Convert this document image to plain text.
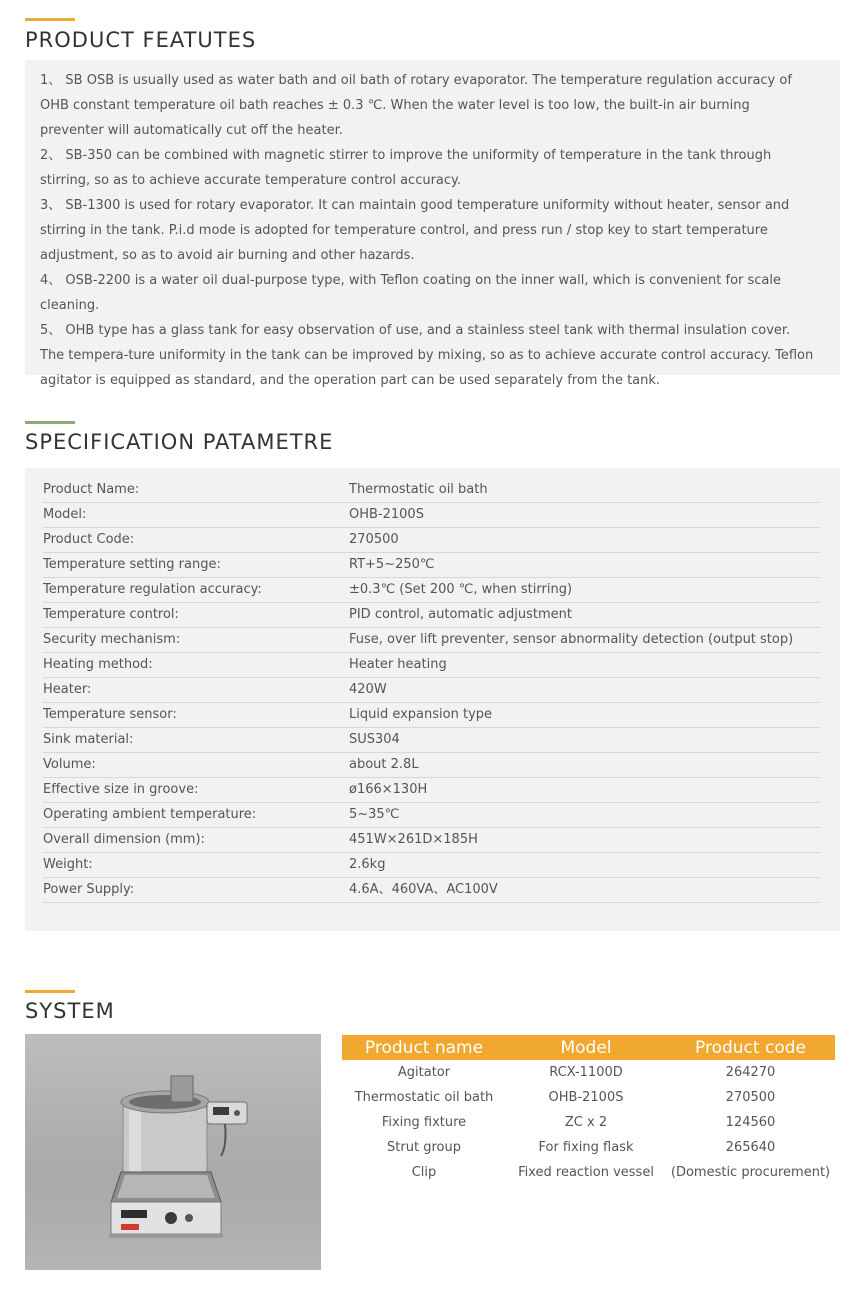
PRODUCT FEATUTES

1、 SB OSB is usually used as water bath and oil bath of rotary evaporator. The temperature regulation accuracy of OHB constant temperature oil bath reaches ± 0.3 ℃. When the water level is too low, the built-in air burning preventer will automatically cut off the heater.

2、 SB-350 can be combined with magnetic stirrer to improve the uniformity of temperature in the tank through stirring, so as to achieve accurate temperature control accuracy.

3、 SB-1300 is used for rotary evaporator. It can maintain good temperature uniformity without heater, sensor and stirring in the tank. P.i.d mode is adopted for temperature control, and press run / stop key to start temperature adjustment, so as to avoid air burning and other hazards.

4、 OSB-2200 is a water oil dual-purpose type, with Teflon coating on the inner wall, which is convenient for scale cleaning.

5、 OHB type has a glass tank for easy observation of use, and a stainless steel tank with thermal insulation cover. The tempera-ture uniformity in the tank can be improved by mixing, so as to achieve accurate control accuracy. Teflon agitator is equipped as standard, and the operation part can be used separately from the tank.

SPECIFICATION PATAMETRE
Product Name:	Thermostatic oil bath
Model:	OHB-2100S
Product Code:	270500
Temperature setting range:	RT+5~250℃
Temperature regulation accuracy:	±0.3℃ (Set 200 ℃, when stirring)
Temperature control:	PID control, automatic adjustment
Security mechanism:	Fuse, over lift preventer, sensor abnormality detection (output stop)
Heating method:	Heater heating
Heater:	420W
Temperature sensor:	Liquid expansion type
Sink material:	SUS304
Volume:	about 2.8L
Effective size in groove:	ø166×130H
Operating ambient temperature:	5~35℃
Overall dimension (mm):	451W×261D×185H
Weight:	2.6kg
Power Supply:	4.6A、460VA、AC100V
SYSTEM
Product name	Model	Product code
Agitator	RCX-1100D	264270
Thermostatic oil bath	OHB-2100S	270500
Fixing fixture	ZC x 2	124560
Strut group	For fixing flask	265640
Clip	Fixed reaction vessel	(Domestic procurement)
